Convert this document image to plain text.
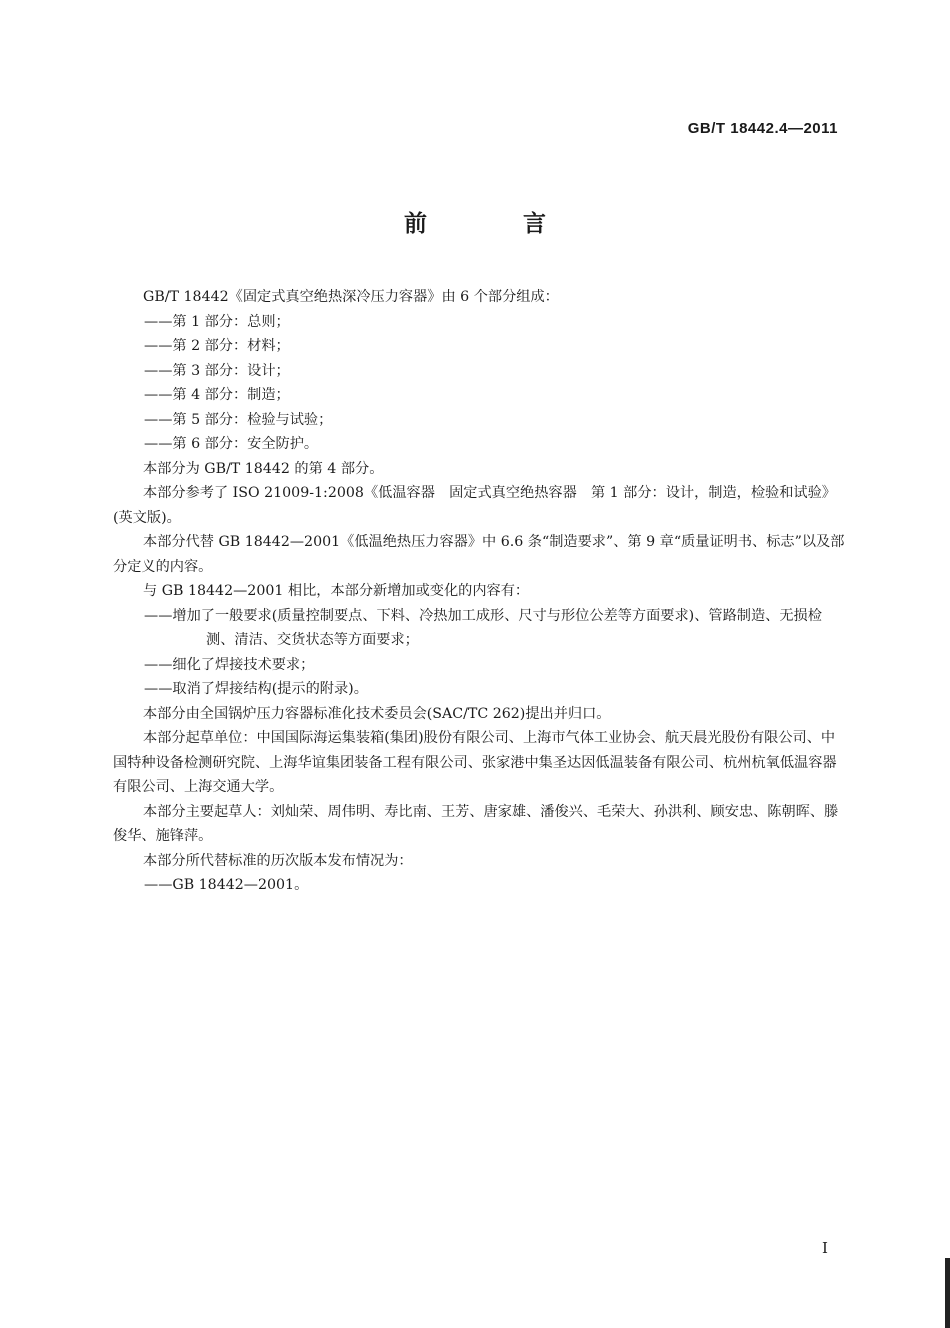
GB/T 18442.4—2011
前 言

GB/T 18442《固定式真空绝热深冷压力容器》由 6 个部分组成：

——第 1 部分：总则；

——第 2 部分：材料；

——第 3 部分：设计；

——第 4 部分：制造；

——第 5 部分：检验与试验；

——第 6 部分：安全防护。

本部分为 GB/T 18442 的第 4 部分。

本部分参考了 ISO 21009-1:2008《低温容器　固定式真空绝热容器　第 1 部分：设计，制造，检验和试验》(英文版)。

本部分代替 GB 18442—2001《低温绝热压力容器》中 6.6 条“制造要求”、第 9 章“质量证明书、标志”以及部分定义的内容。

与 GB 18442—2001 相比，本部分新增加或变化的内容有：

——增加了一般要求(质量控制要点、下料、冷热加工成形、尺寸与形位公差等方面要求)、管路制造、无损检测、清洁、交货状态等方面要求；

——细化了焊接技术要求；

——取消了焊接结构(提示的附录)。

本部分由全国锅炉压力容器标准化技术委员会(SAC/TC 262)提出并归口。

本部分起草单位：中国国际海运集装箱(集团)股份有限公司、上海市气体工业协会、航天晨光股份有限公司、中国特种设备检测研究院、上海华谊集团装备工程有限公司、张家港中集圣达因低温装备有限公司、杭州杭氧低温容器有限公司、上海交通大学。

本部分主要起草人：刘灿荣、周伟明、寿比南、王芳、唐家雄、潘俊兴、毛荣大、孙洪利、顾安忠、陈朝晖、滕俊华、施锋萍。

本部分所代替标准的历次版本发布情况为：

——GB 18442—2001。

I
